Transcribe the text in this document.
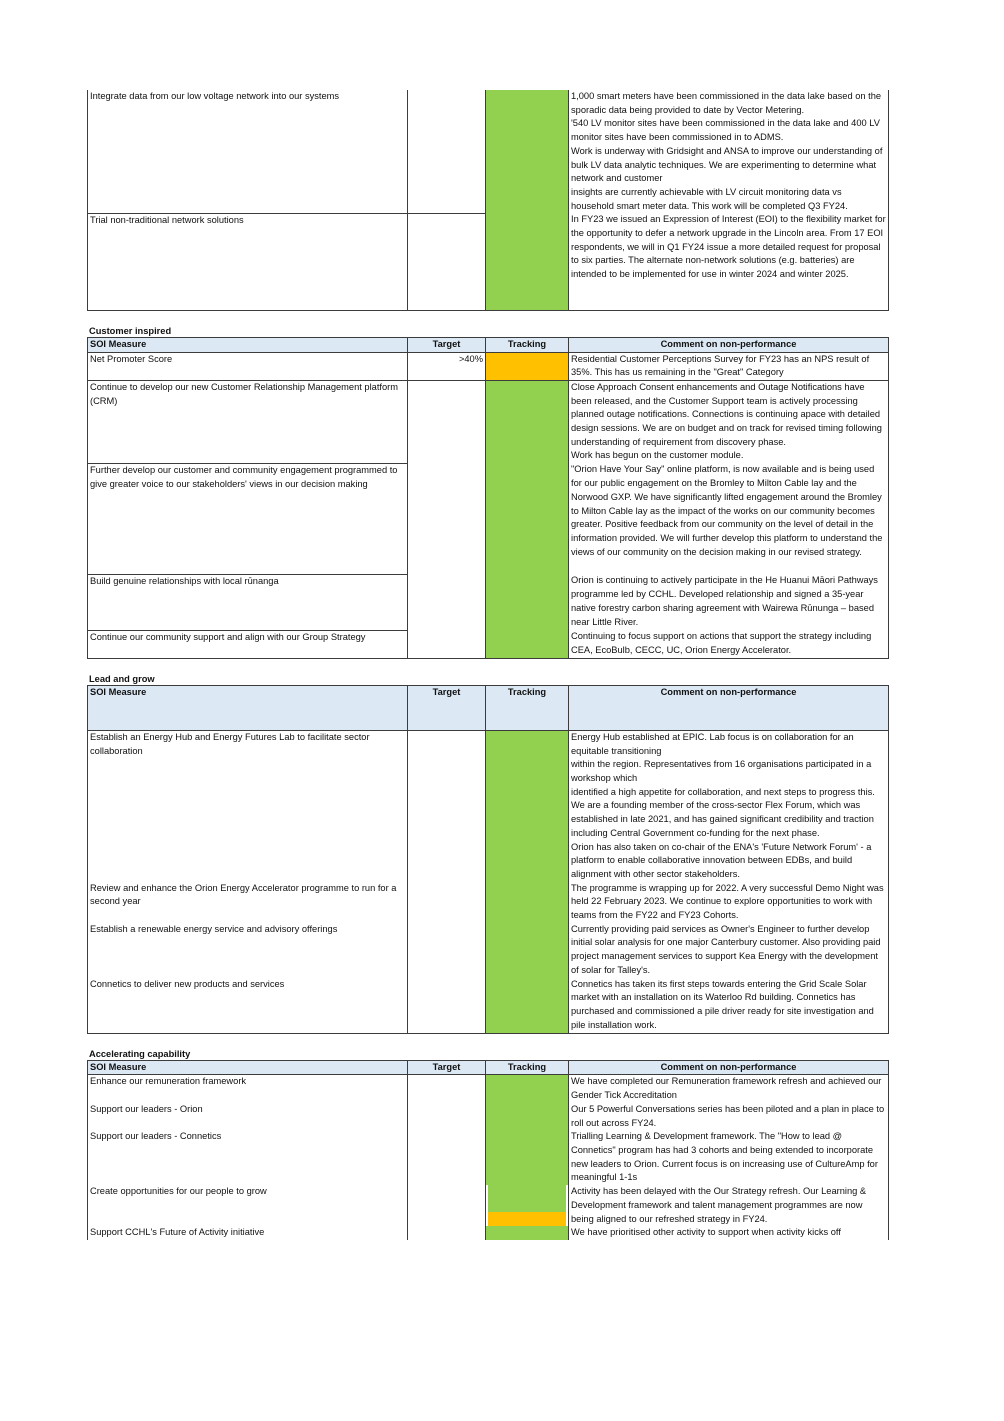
Integrate data from our low voltage network into our systems			1,000 smart meters have been commissioned in the data lake based on the sporadic data being provided to date by Vector Metering.
'540 LV monitor sites have been commissioned in the data lake and 400 LV monitor sites have been commissioned in to ADMS.
Work is underway with Gridsight and ANSA to improve our understanding of bulk LV data analytic techniques. We are experimenting to determine what network and customer
insights are currently achievable with LV circuit monitoring data vs household smart meter data. This work will be completed Q3 FY24.
Trial non-traditional network solutions			In FY23 we issued an Expression of Interest (EOI) to the flexibility market for the opportunity to defer a network upgrade in the Lincoln area. From 17 EOI respondents, we will in Q1 FY24 issue a more detailed request for proposal to six parties. The alternate non-network solutions (e.g. batteries) are intended to be implemented for use in winter 2024 and winter 2025.
Customer inspired
SOI Measure	Target	Tracking	Comment on non-performance
Net Promoter Score	>40%		Residential Customer Perceptions Survey for FY23 has an NPS result of 35%. This has us remaining in the "Great" Category
Continue to develop our new Customer Relationship Management platform (CRM)			Close Approach Consent enhancements and Outage Notifications have been released, and the Customer Support team is actively processing planned outage notifications. Connections is continuing apace with detailed design sessions. We are on budget and on track for revised timing following understanding of requirement from discovery phase.
Work has begun on the customer module.
Further develop our customer and community engagement programmed to give greater voice to our stakeholders' views in our decision making			"Orion Have Your Say" online platform, is now available and is being used for our public engagement on the Bromley to Milton Cable lay and the Norwood GXP. We have significantly lifted engagement around the Bromley to Milton Cable lay as the impact of the works on our community becomes greater. Positive feedback from our community on the level of detail in the information provided. We will further develop this platform to understand the views of our community on the decision making in our revised strategy.
Build genuine relationships with local rūnanga			Orion is continuing to actively participate in the He Huanui Māori Pathways programme led by CCHL. Developed relationship and signed a 35-year native forestry carbon sharing agreement with Wairewa Rūnunga – based near Little River.
Continue our community support and align with our Group Strategy			Continuing to focus support on actions that support the strategy including CEA, EcoBulb, CECC, UC, Orion Energy Accelerator.
Lead and grow
SOI Measure	Target	Tracking	Comment on non-performance
Establish an Energy Hub and Energy Futures Lab to facilitate sector collaboration			Energy Hub established at EPIC. Lab focus is on collaboration for an equitable transitioning
within the region. Representatives from 16 organisations participated in a workshop which
identified a high appetite for collaboration, and next steps to progress this. We are a founding member of the cross-sector Flex Forum, which was established in late 2021, and has gained significant credibility and traction including Central Government co-funding for the next phase.
Orion has also taken on co-chair of the ENA's 'Future Network Forum' - a platform to enable collaborative innovation between EDBs, and build alignment with other sector stakeholders.
Review and enhance the Orion Energy Accelerator programme to run for a second year			The programme is wrapping up for 2022. A very successful Demo Night was held 22 February 2023. We continue to explore opportunities to work with teams from the FY22 and FY23 Cohorts.
Establish a renewable energy service and advisory offerings			Currently providing paid services as Owner's Engineer to further develop initial solar analysis for one major Canterbury customer. Also providing paid project management services to support Kea Energy with the development of solar for Talley's.
Connetics to deliver new products and services			Connetics has taken its first steps towards entering the Grid Scale Solar market with an installation on its Waterloo Rd building. Connetics has purchased and commissioned a pile driver ready for site investigation and pile installation work.
Accelerating capability
SOI Measure	Target	Tracking	Comment on non-performance
Enhance our remuneration framework			We have completed our Remuneration framework refresh and achieved our Gender Tick Accreditation
Support our leaders - Orion			Our 5 Powerful Conversations series has been piloted and a plan in place to roll out across FY24.
Support our leaders - Connetics			Trialling Learning & Development framework. The "How to lead @ Connetics" program has had 3 cohorts and being extended to incorporate new leaders to Orion. Current focus is on increasing use of CultureAmp for meaningful 1-1s
Create opportunities for our people to grow			Activity has been delayed with the Our Strategy refresh. Our Learning & Development framework and talent management programmes are now being aligned to our refreshed strategy in FY24.
Support CCHL's Future of Activity initiative			We have prioritised other activity to support when activity kicks off
